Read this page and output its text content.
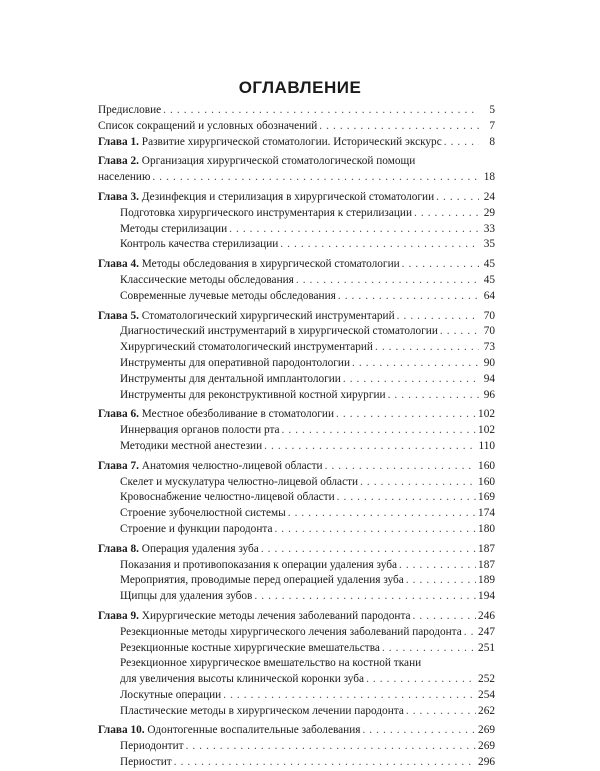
ОГЛАВЛЕНИЕ
Предисловие . . .	5
Список сокращений и условных обозначений . . .	7
Глава 1. Развитие хирургической стоматологии. Исторический экскурс . . .	8
Глава 2. Организация хирургической стоматологической помощи
населению . . .	18
Глава 3. Дезинфекция и стерилизация в хирургической стоматологии . . .	24
Подготовка хирургического инструментария к стерилизации . . .	29
Методы стерилизации . . .	33
Контроль качества стерилизации . . .	35
Глава 4. Методы обследования в хирургической стоматологии . . .	45
Классические методы обследования . . .	45
Современные лучевые методы обследования . . .	64
Глава 5. Стоматологический хирургический инструментарий . . .	70
Диагностический инструментарий в хирургической стоматологии . . .	70
Хирургический стоматологический инструментарий . . .	73
Инструменты для оперативной пародонтологии . . .	90
Инструменты для дентальной имплантологии . . .	94
Инструменты для реконструктивной костной хирургии . . .	96
Глава 6. Местное обезболивание в стоматологии . . .	102
Иннервация органов полости рта . . .	102
Методики местной анестезии . . .	110
Глава 7. Анатомия челюстно-лицевой области . . .	160
Скелет и мускулатура челюстно-лицевой области . . .	160
Кровоснабжение челюстно-лицевой области . . .	169
Строение зубочелюстной системы . . .	174
Строение и функции пародонта . . .	180
Глава 8. Операция удаления зуба . . .	187
Показания и противопоказания к операции удаления зуба . . .	187
Мероприятия, проводимые перед операцией удаления зуба . . .	189
Щипцы для удаления зубов . . .	194
Глава 9. Хирургические методы лечения заболеваний пародонта . . .	246
Резекционные методы хирургического лечения заболеваний пародонта . . . 247
Резекционные костные хирургические вмешательства . . .	251
Резекционное хирургическое вмешательство на костной ткани
для увеличения высоты клинической коронки зуба . . .	252
Лоскутные операции . . .	254
Пластические методы в хирургическом лечении пародонта . . .	262
Глава 10. Одонтогенные воспалительные заболевания . . .	269
Периодонтит . . .	269
Периостит . . .	296
